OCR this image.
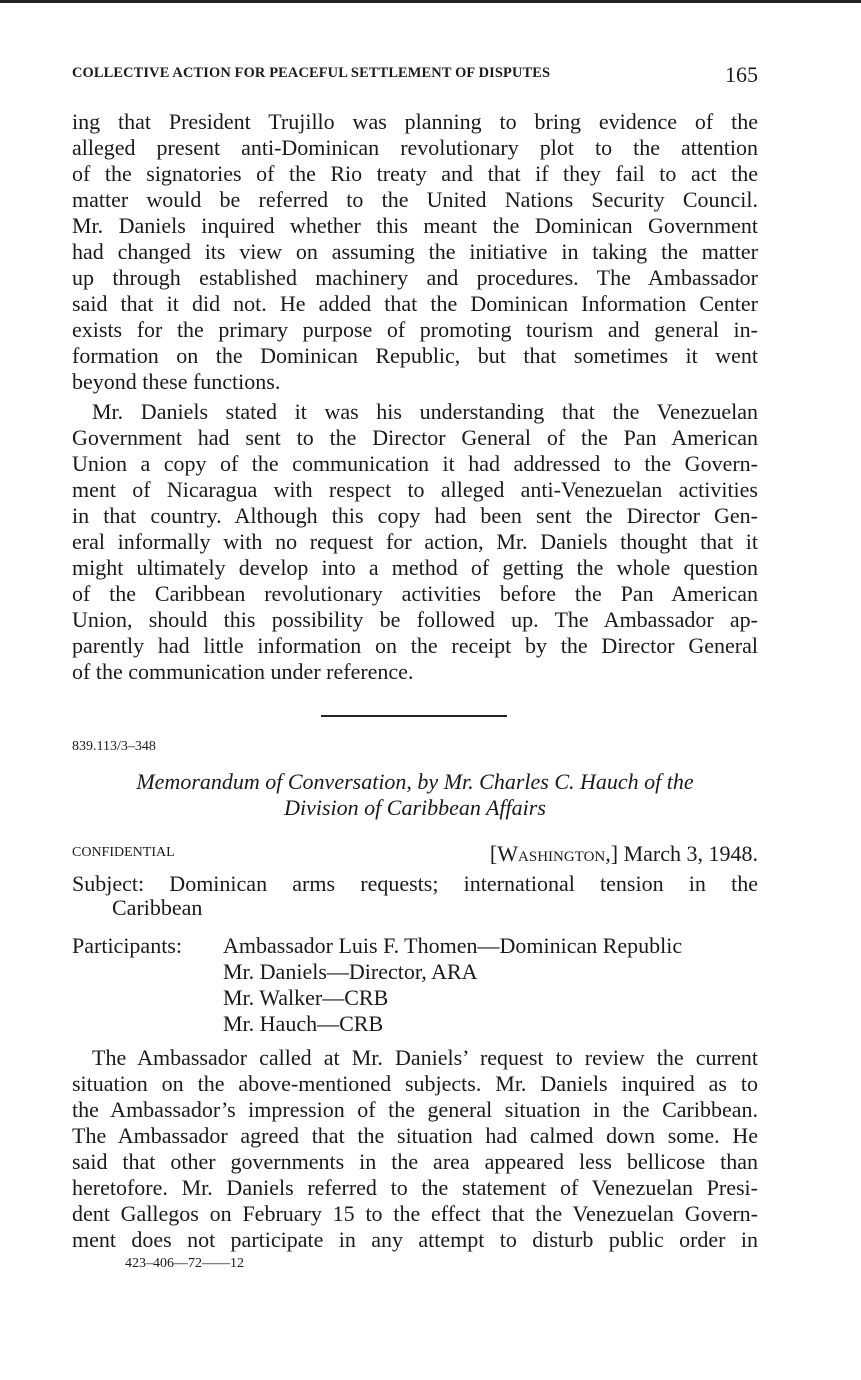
COLLECTIVE ACTION FOR PEACEFUL SETTLEMENT OF DISPUTES	165
ing that President Trujillo was planning to bring evidence of the
alleged present anti-Dominican revolutionary plot to the attention
of the signatories of the Rio treaty and that if they fail to act the
matter would be referred to the United Nations Security Council.
Mr. Daniels inquired whether this meant the Dominican Government
had changed its view on assuming the initiative in taking the matter
up through established machinery and procedures. The Ambassador
said that it did not. He added that the Dominican Information Center
exists for the primary purpose of promoting tourism and general in-
formation on the Dominican Republic, but that sometimes it went
beyond these functions.
Mr. Daniels stated it was his understanding that the Venezuelan
Government had sent to the Director General of the Pan American
Union a copy of the communication it had addressed to the Govern-
ment of Nicaragua with respect to alleged anti-Venezuelan activities
in that country. Although this copy had been sent the Director Gen-
eral informally with no request for action, Mr. Daniels thought that it
might ultimately develop into a method of getting the whole question
of the Caribbean revolutionary activities before the Pan American
Union, should this possibility be followed up. The Ambassador ap-
parently had little information on the receipt by the Director General
of the communication under reference.
839.113/3–348
Memorandum of Conversation, by Mr. Charles C. Hauch of the
Division of Caribbean Affairs
CONFIDENTIAL	[Washington,] March 3, 1948.
Subject: Dominican arms requests; international tension in the
Caribbean
Participants: Ambassador Luis F. Thomen—Dominican Republic
Mr. Daniels—Director, ARA
Mr. Walker—CRB
Mr. Hauch—CRB
The Ambassador called at Mr. Daniels’ request to review the current
situation on the above-mentioned subjects. Mr. Daniels inquired as to
the Ambassador’s impression of the general situation in the Caribbean.
The Ambassador agreed that the situation had calmed down some. He
said that other governments in the area appeared less bellicose than
heretofore. Mr. Daniels referred to the statement of Venezuelan Presi-
dent Gallegos on February 15 to the effect that the Venezuelan Govern-
ment does not participate in any attempt to disturb public order in
423–406—72——12
